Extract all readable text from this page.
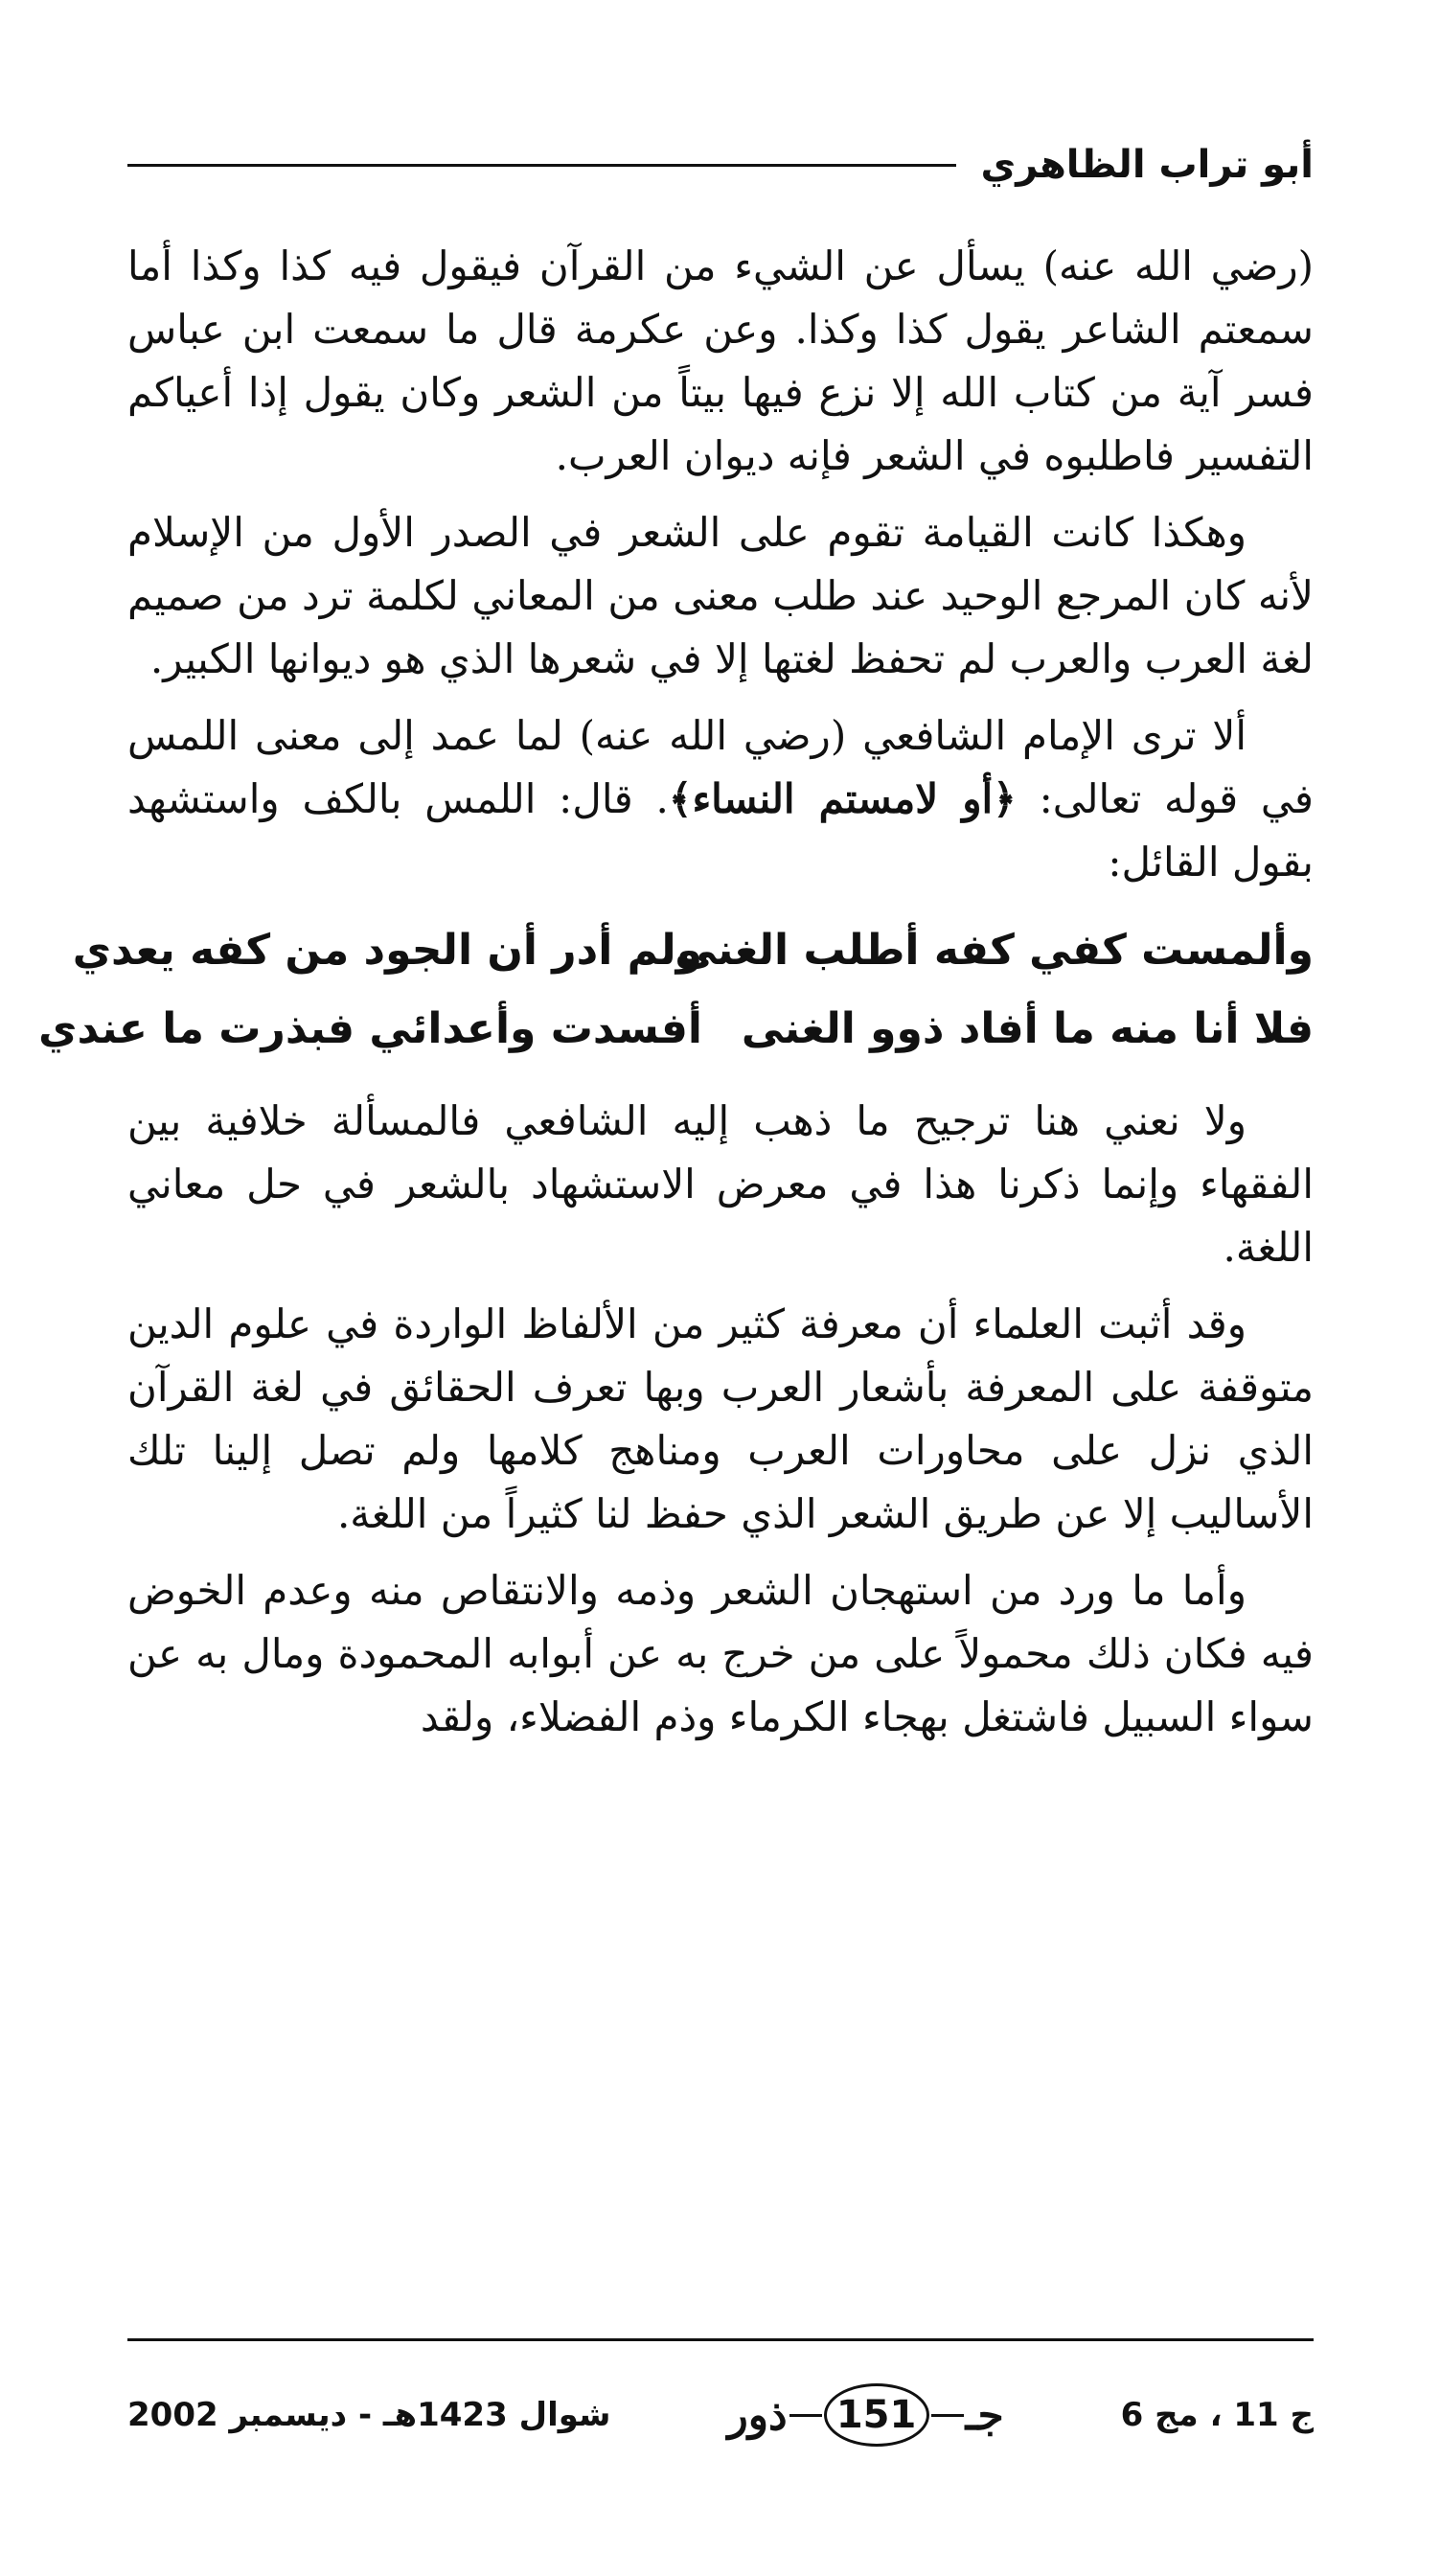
أبو تراب الظاهري

(رضي الله عنه) يسأل عن الشيء من القرآن فيقول فيه كذا وكذا أما سمعتم الشاعر يقول كذا وكذا. وعن عكرمة قال ما سمعت ابن عباس فسر آية من كتاب الله إلا نزع فيها بيتاً من الشعر وكان يقول إذا أعياكم التفسير فاطلبوه في الشعر فإنه ديوان العرب.

وهكذا كانت القيامة تقوم على الشعر في الصدر الأول من الإسلام لأنه كان المرجع الوحيد عند طلب معنى من المعاني لكلمة ترد من صميم لغة العرب والعرب لم تحفظ لغتها إلا في شعرها الذي هو ديوانها الكبير.

ألا ترى الإمام الشافعي (رضي الله عنه) لما عمد إلى معنى اللمس في قوله تعالى: ﴿أو لامستم النساء﴾. قال: اللمس بالكف واستشهد بقول القائل:

وألمست كفي كفه أطلب الغنى
ولم أدر أن الجود من كفه يعدي
فلا أنا منه ما أفاد ذوو الغنى
أفسدت وأعدائي فبذرت ما عندي

ولا نعني هنا ترجيح ما ذهب إليه الشافعي فالمسألة خلافية بين الفقهاء وإنما ذكرنا هذا في معرض الاستشهاد بالشعر في حل معاني اللغة.

وقد أثبت العلماء أن معرفة كثير من الألفاظ الواردة في علوم الدين متوقفة على المعرفة بأشعار العرب وبها تعرف الحقائق في لغة القرآن الذي نزل على محاورات العرب ومناهج كلامها ولم تصل إلينا تلك الأساليب إلا عن طريق الشعر الذي حفظ لنا كثيراً من اللغة.

وأما ما ورد من استهجان الشعر وذمه والانتقاص منه وعدم الخوض فيه فكان ذلك محمولاً على من خرج به عن أبوابه المحمودة ومال به عن سواء السبيل فاشتغل بهجاء الكرماء وذم الفضلاء، ولقد

ج 11 ، مج 6
جـ
151
ذور
شوال 1423هـ - ديسمبر 2002
